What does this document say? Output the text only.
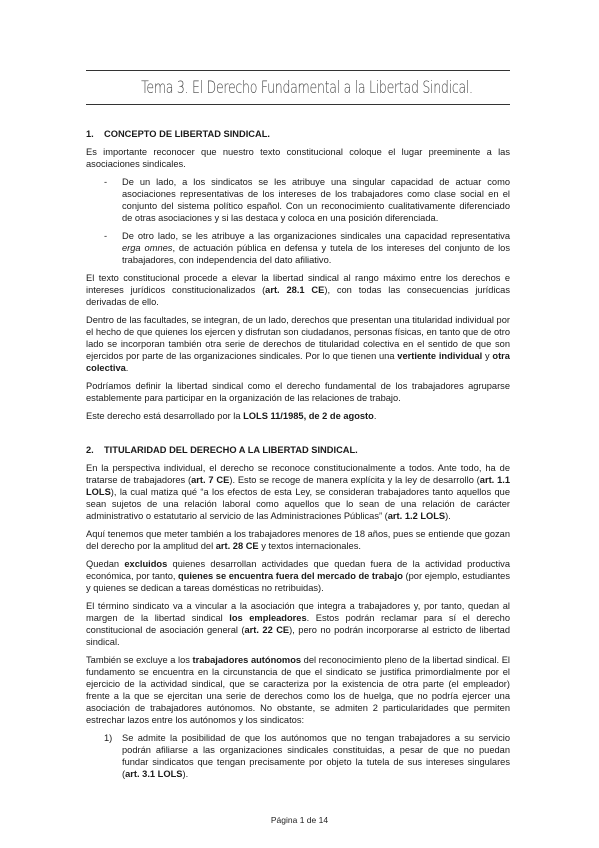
Tema 3. El Derecho Fundamental a la Libertad Sindical.
1. CONCEPTO DE LIBERTAD SINDICAL.

Es importante reconocer que nuestro texto constitucional coloque el lugar preeminente a las asociaciones sindicales.

- De un lado, a los sindicatos se les atribuye una singular capacidad de actuar como asociaciones representativas de los intereses de los trabajadores como clase social en el conjunto del sistema político español. Con un reconocimiento cualitativamente diferenciado de otras asociaciones y si las destaca y coloca en una posición diferenciada.
- De otro lado, se les atribuye a las organizaciones sindicales una capacidad representativa erga omnes, de actuación pública en defensa y tutela de los intereses del conjunto de los trabajadores, con independencia del dato afiliativo.

El texto constitucional procede a elevar la libertad sindical al rango máximo entre los derechos e intereses jurídicos constitucionalizados (art. 28.1 CE), con todas las consecuencias jurídicas derivadas de ello.

Dentro de las facultades, se integran, de un lado, derechos que presentan una titularidad individual por el hecho de que quienes los ejercen y disfrutan son ciudadanos, personas físicas, en tanto que de otro lado se incorporan también otra serie de derechos de titularidad colectiva en el sentido de que son ejercidos por parte de las organizaciones sindicales. Por lo que tienen una vertiente individual y otra colectiva.

Podríamos definir la libertad sindical como el derecho fundamental de los trabajadores agruparse establemente para participar en la organización de las relaciones de trabajo.

Este derecho está desarrollado por la LOLS 11/1985, de 2 de agosto.

2. TITULARIDAD DEL DERECHO A LA LIBERTAD SINDICAL.

En la perspectiva individual, el derecho se reconoce constitucionalmente a todos. Ante todo, ha de tratarse de trabajadores (art. 7 CE). Esto se recoge de manera explícita y la ley de desarrollo (art. 1.1 LOLS), la cual matiza qué “a los efectos de esta Ley, se consideran trabajadores tanto aquellos que sean sujetos de una relación laboral como aquellos que lo sean de una relación de carácter administrativo o estatutario al servicio de las Administraciones Públicas” (art. 1.2 LOLS).

Aquí tenemos que meter también a los trabajadores menores de 18 años, pues se entiende que gozan del derecho por la amplitud del art. 28 CE y textos internacionales.

Quedan excluidos quienes desarrollan actividades que quedan fuera de la actividad productiva económica, por tanto, quienes se encuentra fuera del mercado de trabajo (por ejemplo, estudiantes y quienes se dedican a tareas domésticas no retribuidas).

El término sindicato va a vincular a la asociación que integra a trabajadores y, por tanto, quedan al margen de la libertad sindical los empleadores. Estos podrán reclamar para sí el derecho constitucional de asociación general (art. 22 CE), pero no podrán incorporarse al estricto de libertad sindical.

También se excluye a los trabajadores autónomos del reconocimiento pleno de la libertad sindical. El fundamento se encuentra en la circunstancia de que el sindicato se justifica primordialmente por el ejercicio de la actividad sindical, que se caracteriza por la existencia de otra parte (el empleador) frente a la que se ejercitan una serie de derechos como los de huelga, que no podría ejercer una asociación de trabajadores autónomos. No obstante, se admiten 2 particularidades que permiten estrechar lazos entre los autónomos y los sindicatos:

1) Se admite la posibilidad de que los autónomos que no tengan trabajadores a su servicio podrán afiliarse a las organizaciones sindicales constituidas, a pesar de que no puedan fundar sindicatos que tengan precisamente por objeto la tutela de sus intereses singulares (art. 3.1 LOLS).
Página 1 de 14
